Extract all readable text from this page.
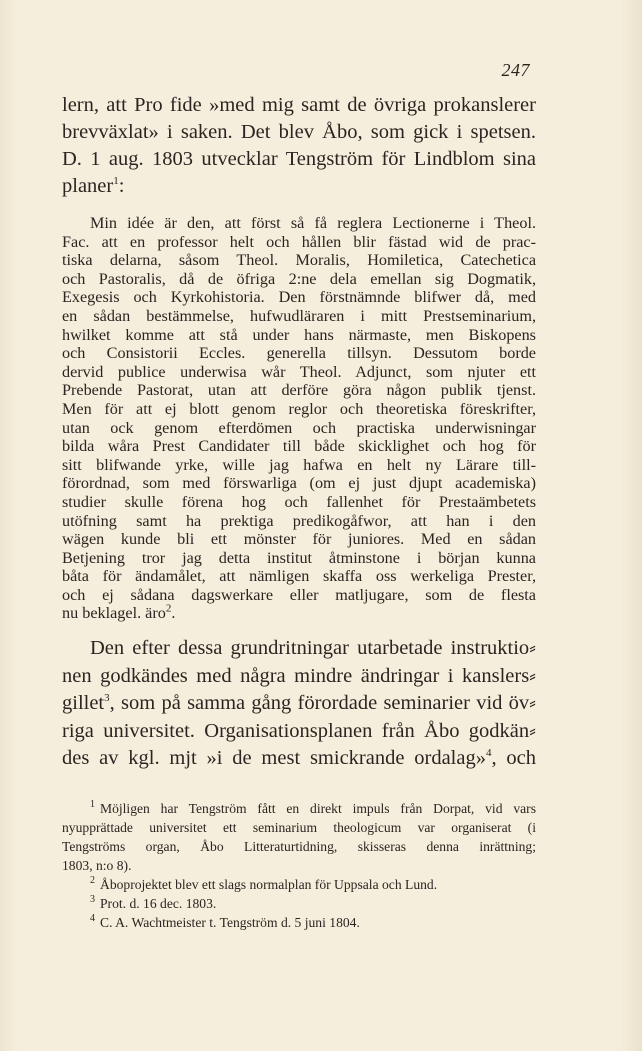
247
lern, att Pro fide »med mig samt de övriga prokanslerer
brevväxlat» i saken. Det blev Åbo, som gick i spetsen.
D. 1 aug. 1803 utvecklar Tengström för Lindblom sina
planer$^1$:
Min idée är den, att först så få reglera Lectionerne i Theol.
Fac. att en professor helt och hållen blir fästad wid de prac-
tiska delarna, såsom Theol. Moralis, Homiletica, Catechetica
och Pastoralis, då de öfriga 2:ne dela emellan sig Dogmatik,
Exegesis och Kyrkohistoria. Den förstnämnde blifwer då, med
en sådan bestämmelse, hufwudläraren i mitt Prestseminarium,
hwilket komme att stå under hans närmaste, men Biskopens
och Consistorii Eccles. generella tillsyn. Dessutom borde
dervid publice underwisa wår Theol. Adjunct, som njuter ett
Prebende Pastorat, utan att derföre göra någon publik tjenst.
Men för att ej blott genom reglor och theoretiska föreskrifter,
utan ock genom efterdömen och practiska underwisningar
bilda wåra Prest Candidater till både skicklighet och hog för
sitt blifwande yrke, wille jag hafwa en helt ny Lärare till-
förordnad, som med förswarliga (om ej just djupt academiska)
studier skulle förena hog och fallenhet för Prestaämbetets
utöfning samt ha prektiga predikogåfwor, att han i den
wägen kunde bli ett mönster för juniores. Med en sådan
Betjening tror jag detta institut åtminstone i början kunna
båta för ändamålet, att nämligen skaffa oss werkeliga Prester,
och ej sådana dagswerkare eller matljugare, som de flesta
nu beklagel. äro$^2$.
Den efter dessa grundritningar utarbetade instruktio⸗
nen godkändes med några mindre ändringar i kanslers⸗
gillet$^3$, som på samma gång förordade seminarier vid öv⸗
riga universitet. Organisationsplanen från Åbo godkän⸗
des av kgl. mjt »i de mest smickrande ordalag»$^4$, och
$^1$ Möjligen har Tengström fått en direkt impuls från Dorpat, vid vars
nyupprättade universitet ett seminarium theologicum var organiserat (i
Tengströms organ, Åbo Litteraturtidning, skisseras denna inrättning;
1803, n:o 8).
$^2$ Åboprojektet blev ett slags normalplan för Uppsala och Lund.
$^3$ Prot. d. 16 dec. 1803.
$^4$ C. A. Wachtmeister t. Tengström d. 5 juni 1804.
